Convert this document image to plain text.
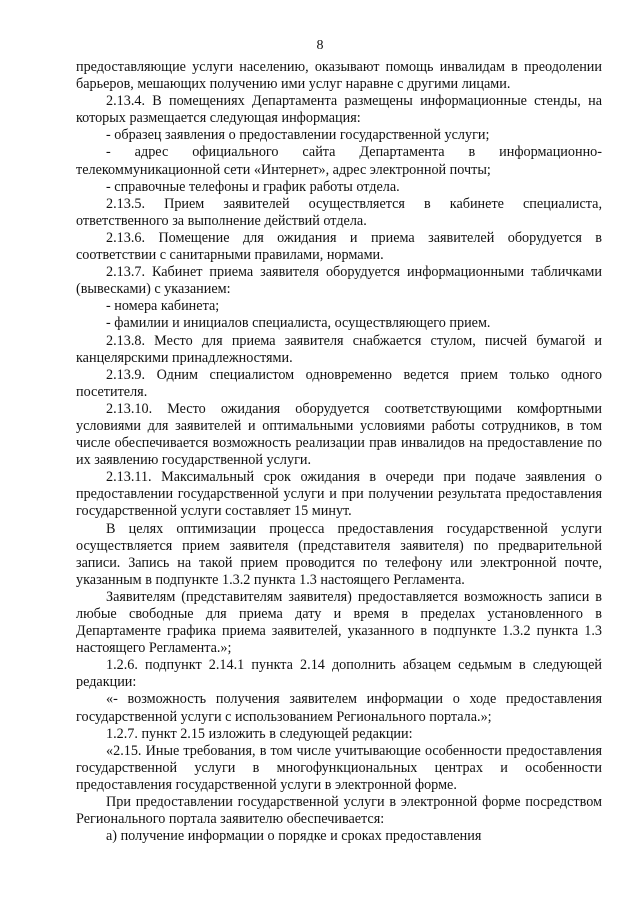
8

предоставляющие услуги населению, оказывают помощь инвалидам в преодолении барьеров, мешающих получению ими услуг наравне с другими лицами.

2.13.4. В помещениях Департамента размещены информационные стенды, на которых размещается следующая информация:

- образец заявления о предоставлении государственной услуги;

- адрес официального сайта Департамента в информационно-телекоммуникационной сети «Интернет», адрес электронной почты;

- справочные телефоны и график работы отдела.

2.13.5. Прием заявителей осуществляется в кабинете специалиста, ответственного за выполнение действий отдела.

2.13.6. Помещение для ожидания и приема заявителей оборудуется в соответствии с санитарными правилами, нормами.

2.13.7. Кабинет приема заявителя оборудуется информационными табличками (вывесками) с указанием:

- номера кабинета;

- фамилии и инициалов специалиста, осуществляющего прием.

2.13.8. Место для приема заявителя снабжается стулом, писчей бумагой и канцелярскими принадлежностями.

2.13.9. Одним специалистом одновременно ведется прием только одного посетителя.

2.13.10. Место ожидания оборудуется соответствующими комфортными условиями для заявителей и оптимальными условиями работы сотрудников, в том числе обеспечивается возможность реализации прав инвалидов на предоставление по их заявлению государственной услуги.

2.13.11. Максимальный срок ожидания в очереди при подаче заявления о предоставлении государственной услуги и при получении результата предоставления государственной услуги составляет 15 минут.

В целях оптимизации процесса предоставления государственной услуги осуществляется прием заявителя (представителя заявителя) по предварительной записи. Запись на такой прием проводится по телефону или электронной почте, указанным в подпункте 1.3.2 пункта 1.3 настоящего Регламента.

Заявителям (представителям заявителя) предоставляется возможность записи в любые свободные для приема дату и время в пределах установленного в Департаменте графика приема заявителей, указанного в подпункте 1.3.2 пункта 1.3 настоящего Регламента.»;

1.2.6. подпункт 2.14.1 пункта 2.14 дополнить абзацем седьмым в следующей редакции:

«- возможность получения заявителем информации о ходе предоставления государственной услуги с использованием Регионального портала.»;

1.2.7. пункт 2.15 изложить в следующей редакции:

«2.15. Иные требования, в том числе учитывающие особенности предоставления государственной услуги в многофункциональных центрах и особенности предоставления государственной услуги в электронной форме.

При предоставлении государственной услуги в электронной форме посредством Регионального портала заявителю обеспечивается:

а) получение информации о порядке и сроках предоставления
